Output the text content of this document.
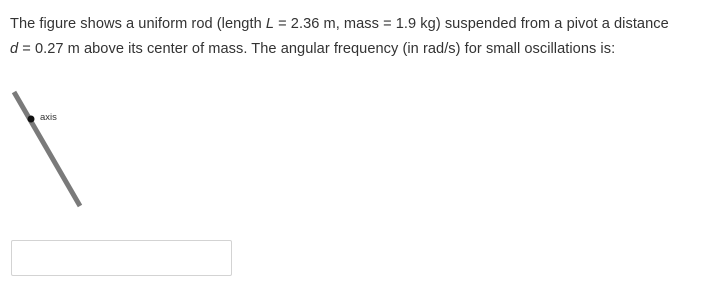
The figure shows a uniform rod (length L = 2.36 m, mass = 1.9 kg) suspended from a pivot a distance
d = 0.27 m above its center of mass. The angular frequency (in rad/s) for small oscillations is:
axis
